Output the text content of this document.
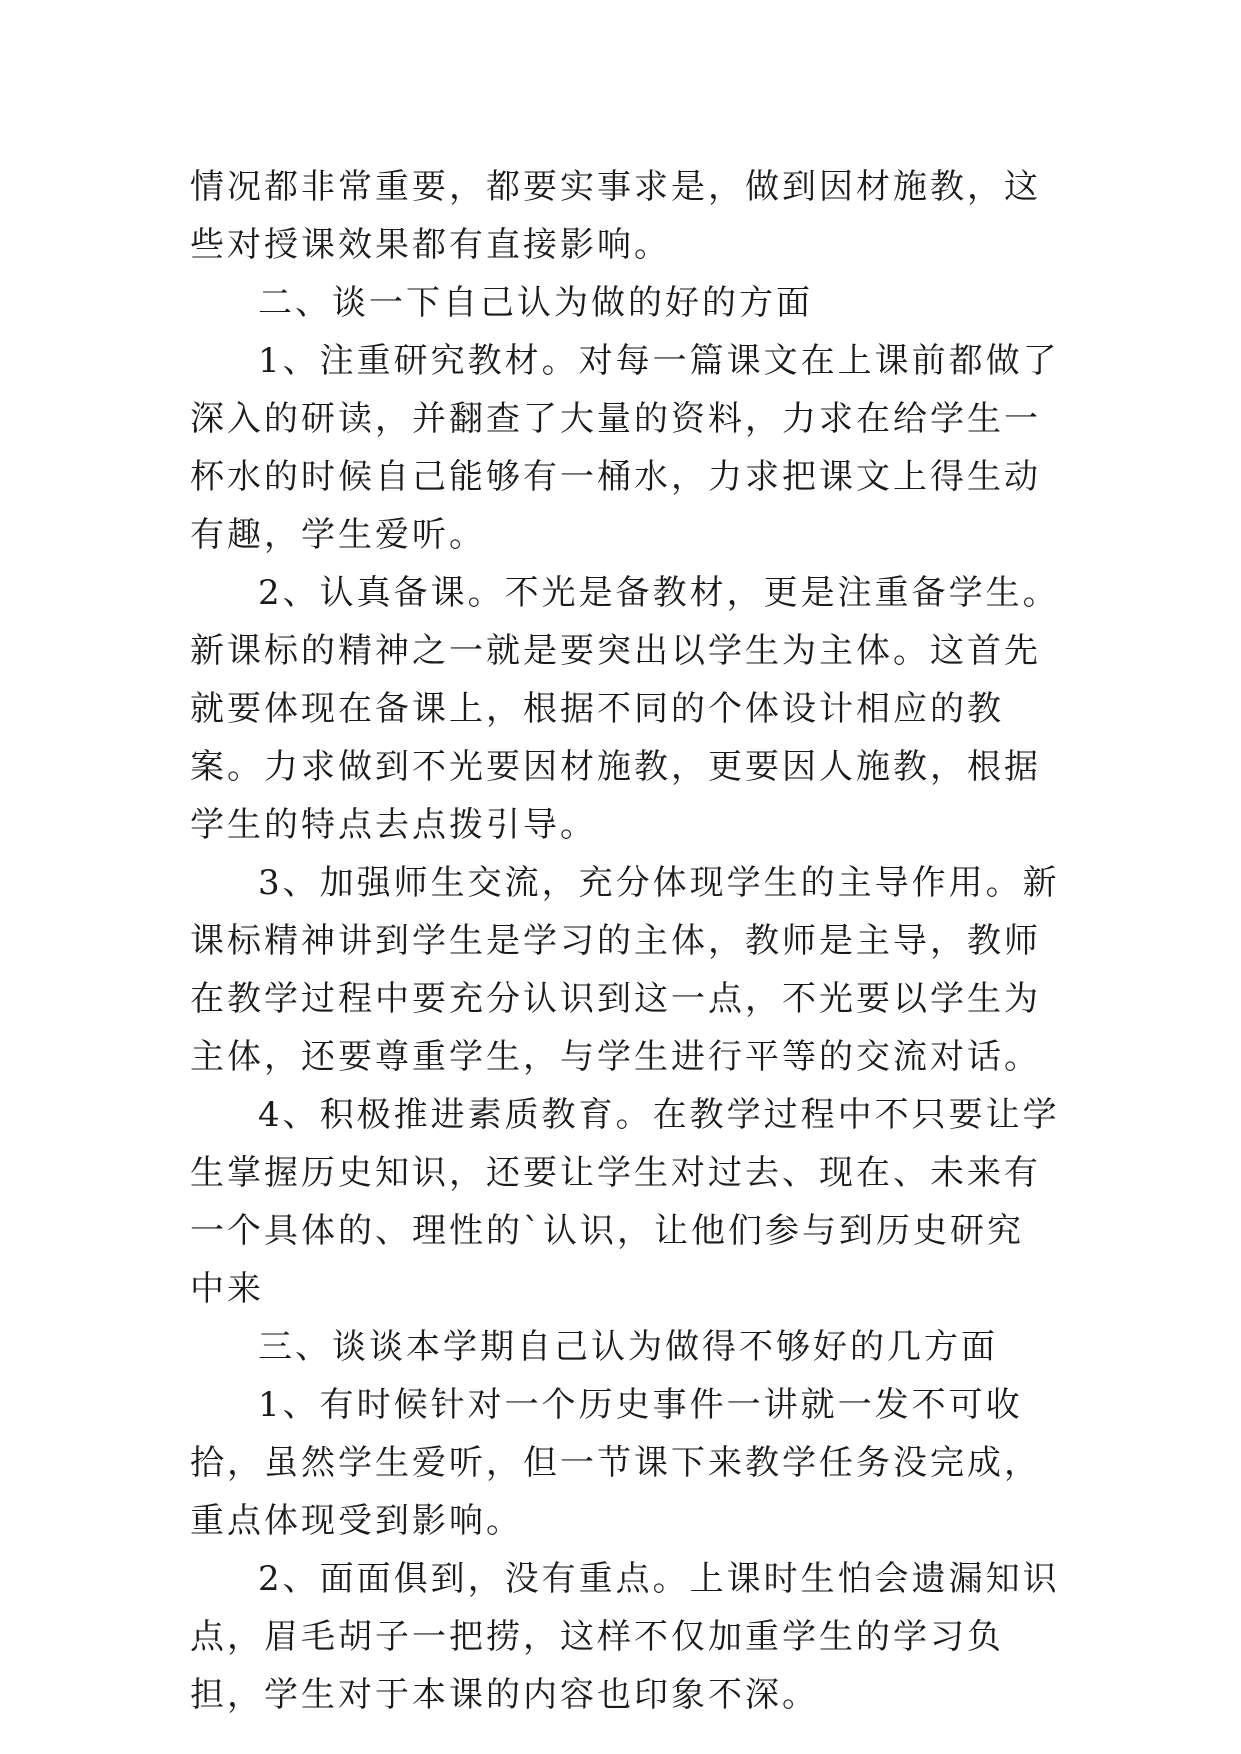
情况都非常重要，都要实事求是，做到因材施教，这些对授课效果都有直接影响。

二、谈一下自己认为做的好的方面

1、注重研究教材。对每一篇课文在上课前都做了深入的研读，并翻查了大量的资料，力求在给学生一杯水的时候自己能够有一桶水，力求把课文上得生动有趣，学生爱听。

2、认真备课。不光是备教材，更是注重备学生。新课标的精神之一就是要突出以学生为主体。这首先就要体现在备课上，根据不同的个体设计相应的教案。力求做到不光要因材施教，更要因人施教，根据学生的特点去点拨引导。

3、加强师生交流，充分体现学生的主导作用。新课标精神讲到学生是学习的主体，教师是主导，教师在教学过程中要充分认识到这一点，不光要以学生为主体，还要尊重学生，与学生进行平等的交流对话。

4、积极推进素质教育。在教学过程中不只要让学生掌握历史知识，还要让学生对过去、现在、未来有一个具体的、理性的`认识，让他们参与到历史研究中来

三、谈谈本学期自己认为做得不够好的几方面

1、有时候针对一个历史事件一讲就一发不可收拾，虽然学生爱听，但一节课下来教学任务没完成，重点体现受到影响。

2、面面俱到，没有重点。上课时生怕会遗漏知识点，眉毛胡子一把捞，这样不仅加重学生的学习负担，学生对于本课的内容也印象不深。
